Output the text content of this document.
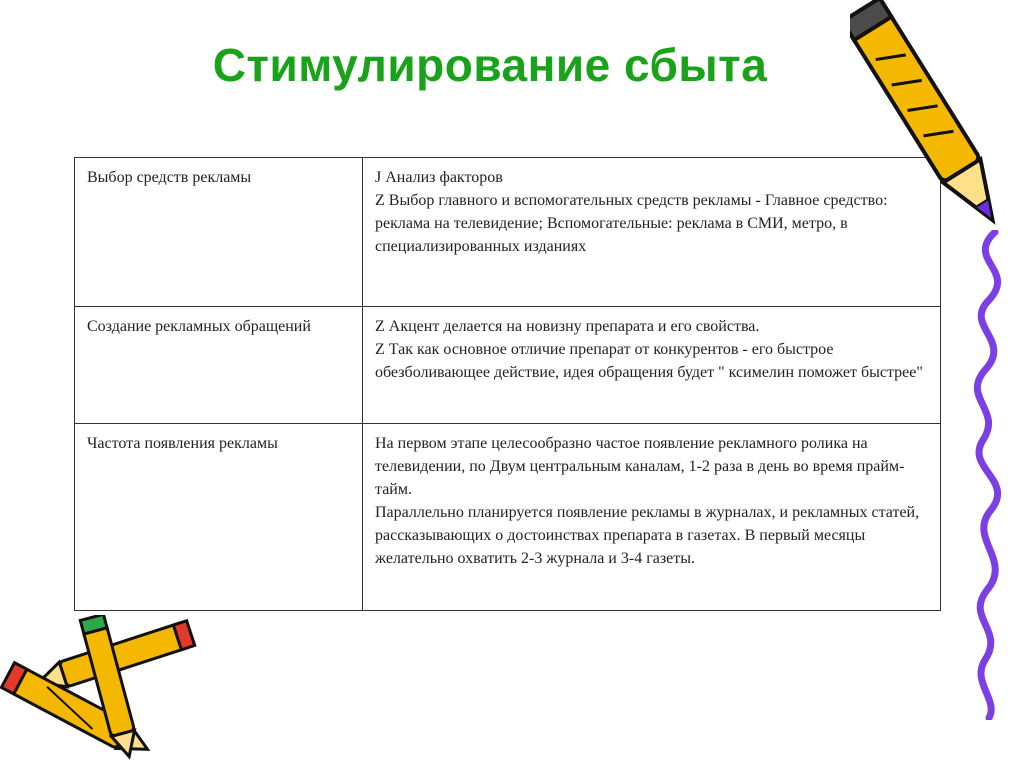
Стимулирование сбыта
Выбор средств рекламы	J Анализ факторов
Z Выбор главного и вспомогательных средств рекламы - Главное средство: реклама на телевидение; Вспомогательные: реклама в СМИ, метро, в специализированных изданиях

Создание рекламных обращений	Z Акцент делается на новизну препарата и его свойства.
Z Так как основное отличие препарат от конкурентов - его быстрое обезболивающее действие, идея обращения будет " ксимелин поможет быстрее"

Частота появления рекламы	На первом этапе целесообразно частое появление рекламного ролика на телевидении, по Двум центральным каналам, 1-2 раза в день во время прайм-тайм.
Параллельно планируется появление рекламы в журналах, и рекламных статей, рассказывающих о достоинствах препарата в газетах. В первый месяцы желательно охватить 2-3 журнала и 3-4 газеты.
